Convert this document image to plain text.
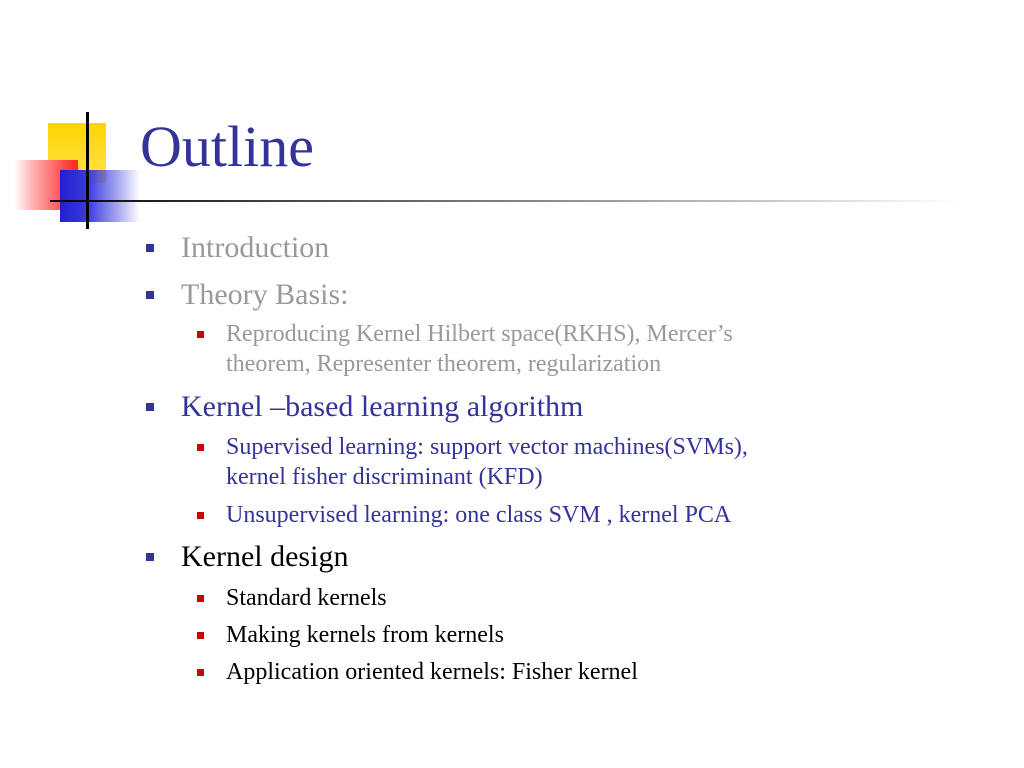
Outline
Introduction
Theory Basis:
Reproducing Kernel Hilbert space(RKHS), Mercer’s
theorem, Representer theorem, regularization
Kernel –based learning algorithm
Supervised learning: support vector machines(SVMs),
kernel fisher discriminant (KFD)
Unsupervised learning: one class SVM , kernel PCA
Kernel design
Standard kernels
Making kernels from kernels
Application oriented kernels: Fisher kernel
